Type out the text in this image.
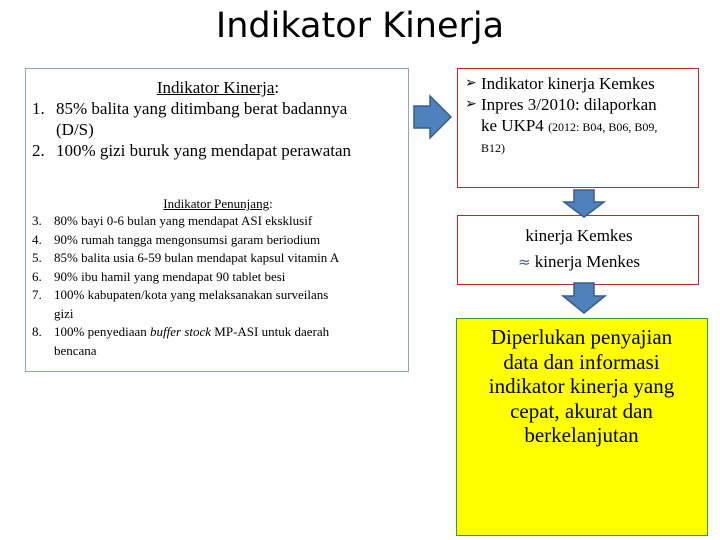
Indikator Kinerja
Indikator Kinerja:
1. 85% balita yang ditimbang berat badannya
(D/S)
2. 100% gizi buruk yang mendapat perawatan
Indikator Penunjang:
3. 80% bayi 0-6 bulan yang mendapat ASI eksklusif
4. 90% rumah tangga mengonsumsi garam beriodium
5. 85% balita usia 6-59 bulan mendapat kapsul vitamin A
6. 90% ibu hamil yang mendapat 90 tablet besi
7. 100% kabupaten/kota yang melaksanakan surveilans
gizi
8. 100% penyediaan buffer stock MP-ASI untuk daerah
bencana
➢ Indikator kinerja Kemkes
➢ Inpres 3/2010: dilaporkan
ke UKP4 (2012: B04, B06, B09,
B12)
kinerja Kemkes
≈ kinerja Menkes
Diperlukan penyajian
data dan informasi
indikator kinerja yang
cepat, akurat dan
berkelanjutan
